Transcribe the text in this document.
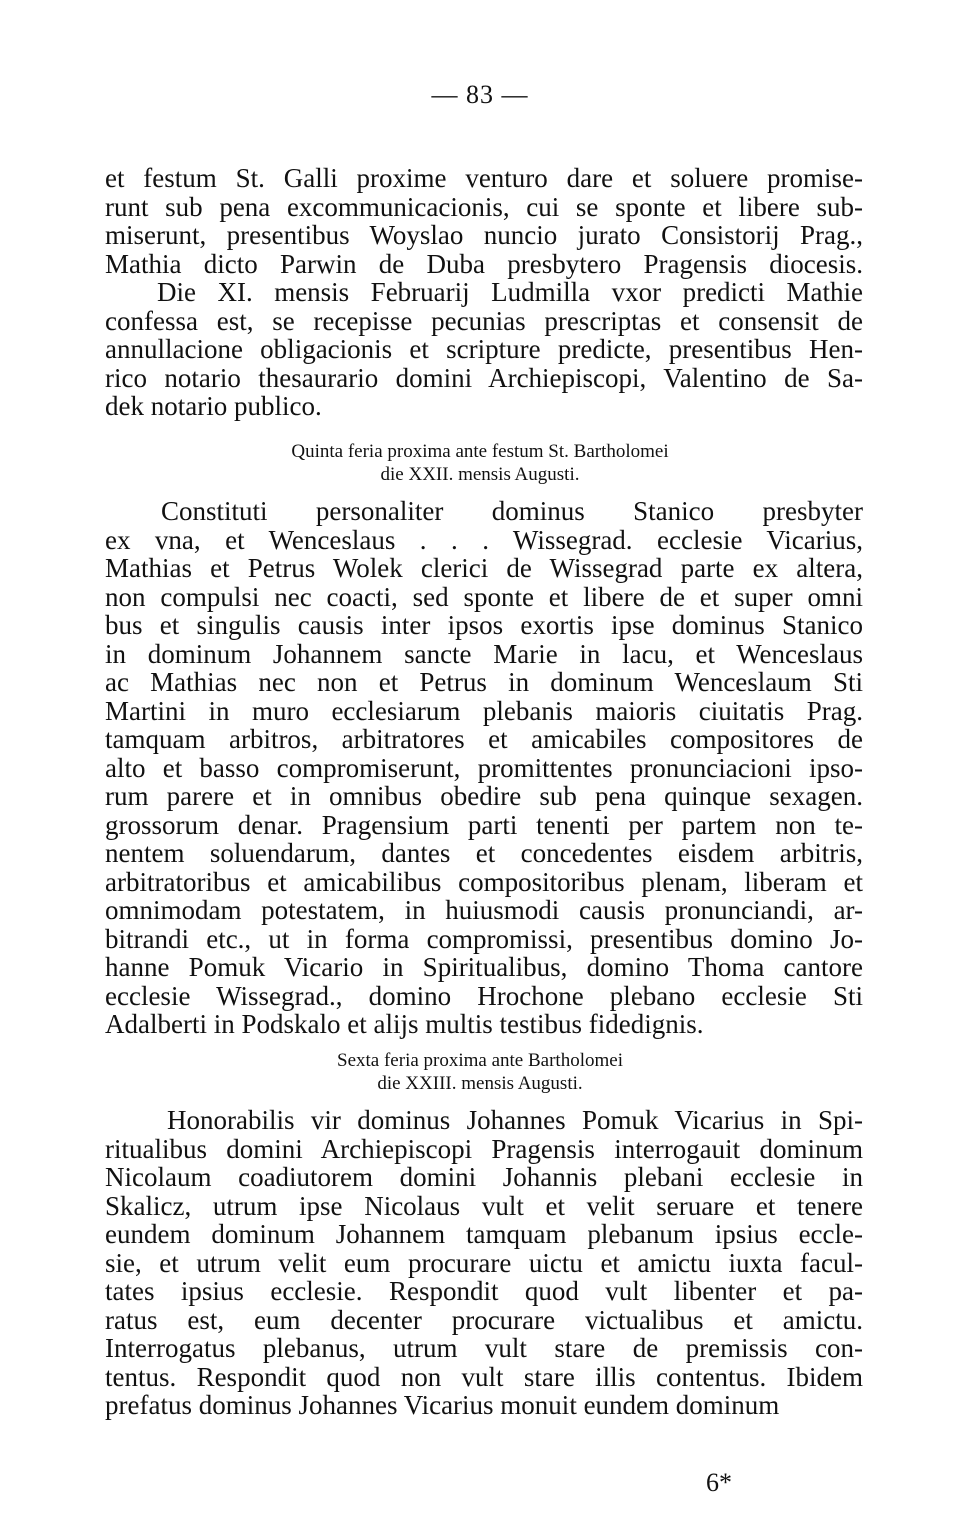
— 83 —
et festum St. Galli proxime venturo dare et soluere promise-
runt sub pena excommunicacionis, cui se sponte et libere sub-
miserunt, presentibus Woyslao nuncio jurato Consistorij Prag.,
Mathia dicto Parwin de Duba presbytero Pragensis diocesis.
Die XI. mensis Februarij Ludmilla vxor predicti Mathie
confessa est, se recepisse pecunias prescriptas et consensit de
annullacione obligacionis et scripture predicte, presentibus Hen-
rico notario thesaurario domini Archiepiscopi, Valentino de Sa-
dek notario publico.
Quinta feria proxima ante festum St. Bartholomei
die XXII. mensis Augusti.
Constituti personaliter dominus Stanico presbyter
ex vna, et Wenceslaus . . . Wissegrad. ecclesie Vicarius,
Mathias et Petrus Wolek clerici de Wissegrad parte ex altera,
non compulsi nec coacti, sed sponte et libere de et super omni
bus et singulis causis inter ipsos exortis ipse dominus Stanico
in dominum Johannem sancte Marie in lacu, et Wenceslaus
ac Mathias nec non et Petrus in dominum Wenceslaum Sti
Martini in muro ecclesiarum plebanis maioris ciuitatis Prag.
tamquam arbitros, arbitratores et amicabiles compositores de
alto et basso compromiserunt, promittentes pronunciacioni ipso-
rum parere et in omnibus obedire sub pena quinque sexagen.
grossorum denar. Pragensium parti tenenti per partem non te-
nentem soluendarum, dantes et concedentes eisdem arbitris,
arbitratoribus et amicabilibus compositoribus plenam, liberam et
omnimodam potestatem, in huiusmodi causis pronunciandi, ar-
bitrandi etc., ut in forma compromissi, presentibus domino Jo-
hanne Pomuk Vicario in Spiritualibus, domino Thoma cantore
ecclesie Wissegrad., domino Hrochone plebano ecclesie Sti
Adalberti in Podskalo et alijs multis testibus fidedignis.
Sexta feria proxima ante Bartholomei
die XXIII. mensis Augusti.
Honorabilis vir dominus Johannes Pomuk Vicarius in Spi-
ritualibus domini Archiepiscopi Pragensis interrogauit dominum
Nicolaum coadiutorem domini Johannis plebani ecclesie in
Skalicz, utrum ipse Nicolaus vult et velit seruare et tenere
eundem dominum Johannem tamquam plebanum ipsius eccle-
sie, et utrum velit eum procurare uictu et amictu iuxta facul-
tates ipsius ecclesie. Respondit quod vult libenter et pa-
ratus est, eum decenter procurare victualibus et amictu.
Interrogatus plebanus, utrum vult stare de premissis con-
tentus. Respondit quod non vult stare illis contentus. Ibidem
prefatus dominus Johannes Vicarius monuit eundem dominum
6*
